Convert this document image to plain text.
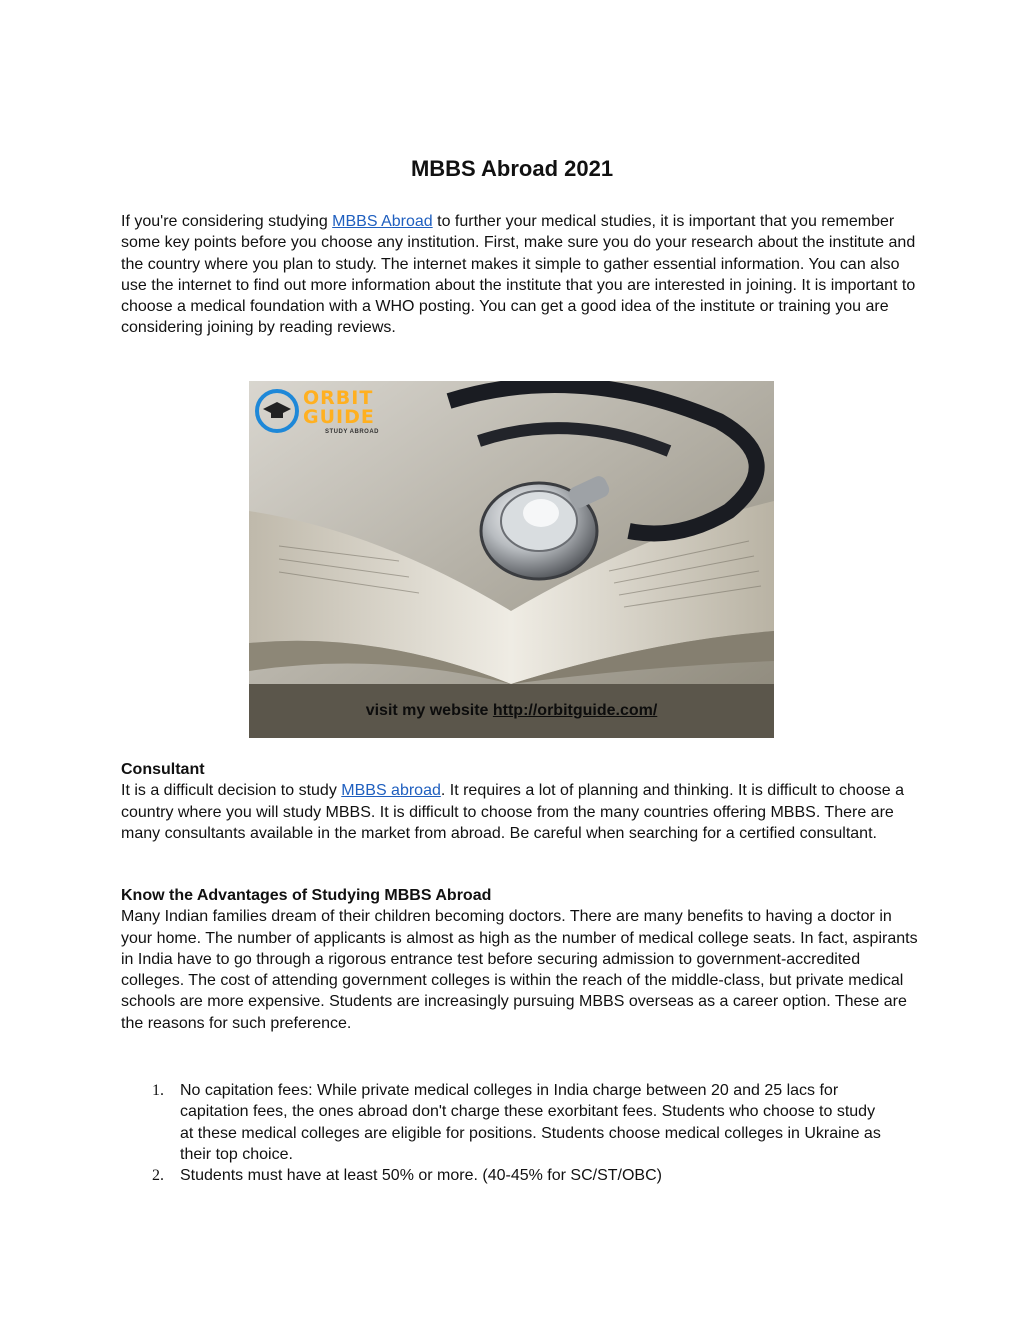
MBBS Abroad 2021

If you're considering studying MBBS Abroad to further your medical studies, it is important that you remember some key points before you choose any institution. First, make sure you do your research about the institute and the country where you plan to study. The internet makes it simple to gather essential information. You can also use the internet to find out more information about the institute that you are interested in joining. It is important to choose a medical foundation with a WHO posting. You can get a good idea of the institute or training you are considering joining by reading reviews.

ORBIT
GUIDE
STUDY ABROAD
visit my website http://orbitguide.com/

Consultant
It is a difficult decision to study MBBS abroad. It requires a lot of planning and thinking. It is difficult to choose a country where you will study MBBS. It is difficult to choose from the many countries offering MBBS. There are many consultants available in the market from abroad. Be careful when searching for a certified consultant.

Know the Advantages of Studying MBBS Abroad
Many Indian families dream of their children becoming doctors. There are many benefits to having a doctor in your home. The number of applicants is almost as high as the number of medical college seats. In fact, aspirants in India have to go through a rigorous entrance test before securing admission to government-accredited colleges. The cost of attending government colleges is within the reach of the middle-class, but private medical schools are more expensive. Students are increasingly pursuing MBBS overseas as a career option. These are the reasons for such preference.

1. No capitation fees: While private medical colleges in India charge between 20 and 25 lacs for capitation fees, the ones abroad don't charge these exorbitant fees. Students who choose to study at these medical colleges are eligible for positions. Students choose medical colleges in Ukraine as their top choice.
2. Students must have at least 50% or more. (40-45% for SC/ST/OBC)
